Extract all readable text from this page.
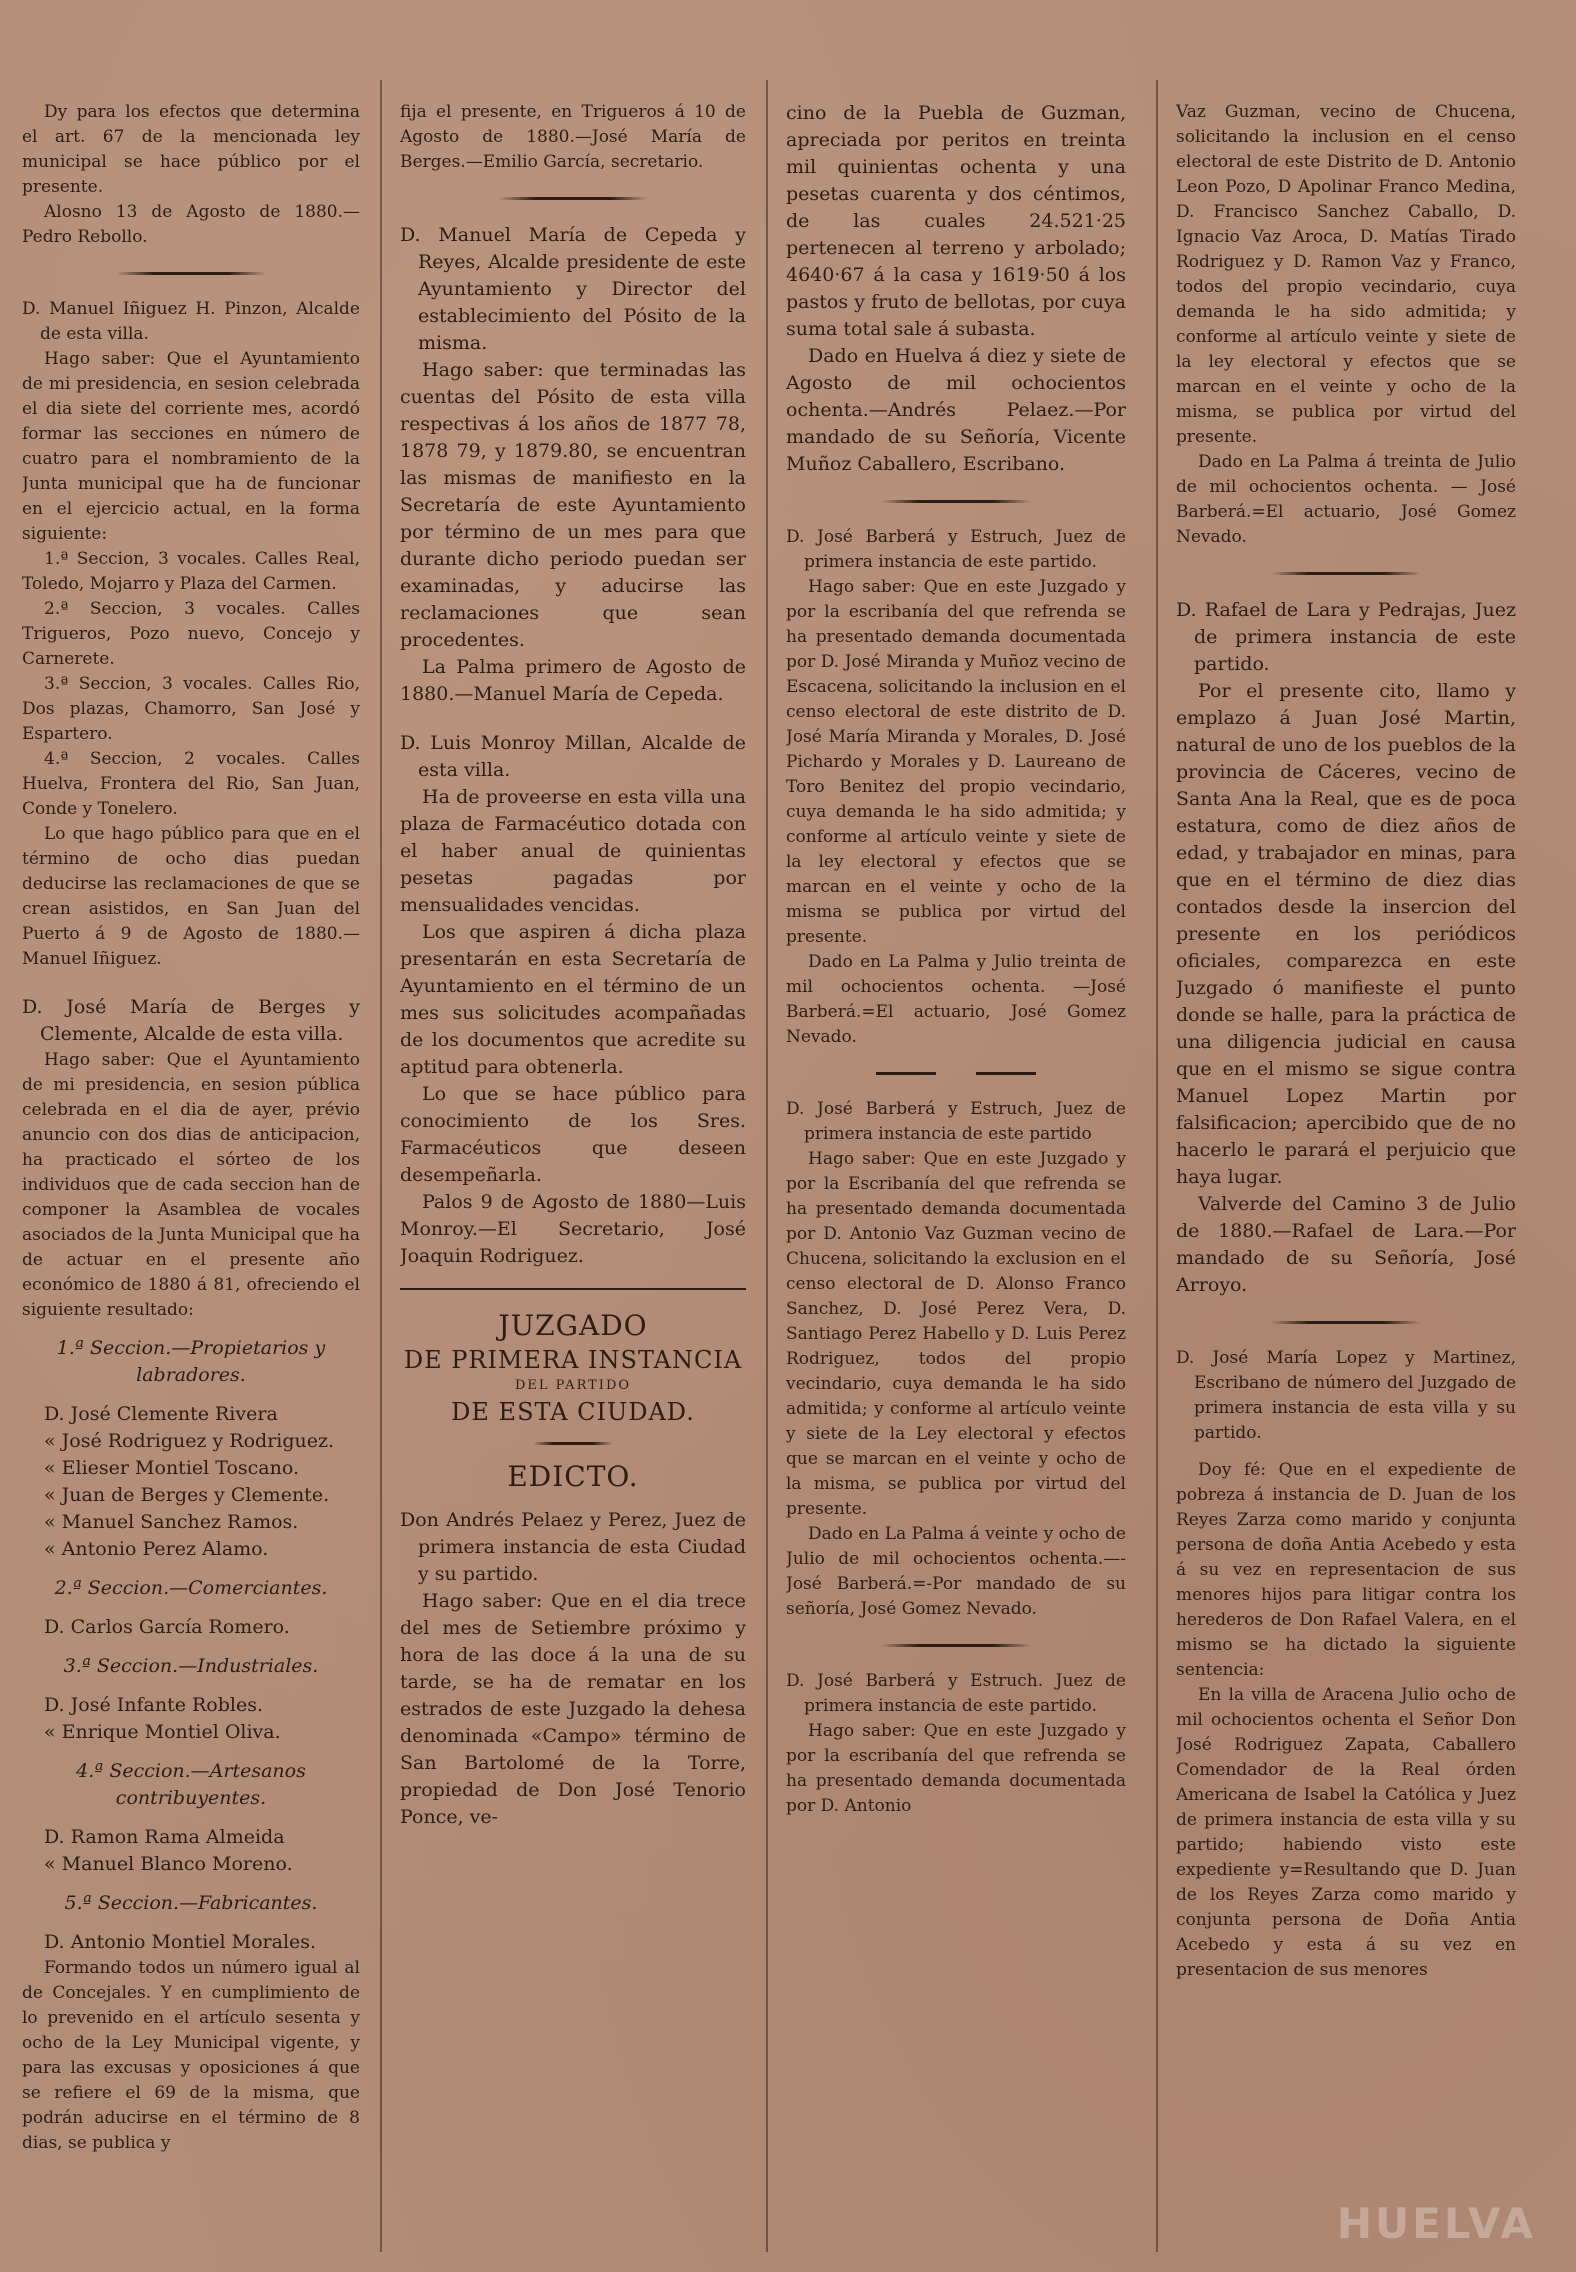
Dy para los efectos que determina el art. 67 de la mencionada ley municipal se hace público por el presente.

Alosno 13 de Agosto de 1880.—Pedro Rebollo.

D. Manuel Iñiguez H. Pinzon, Alcalde de esta villa.

Hago saber: Que el Ayuntamiento de mi presidencia, en sesion celebrada el dia siete del corriente mes, acordó formar las secciones en número de cuatro para el nombramiento de la Junta municipal que ha de funcionar en el ejercicio actual, en la forma siguiente:

1.ª Seccion, 3 vocales. Calles Real, Toledo, Mojarro y Plaza del Carmen.

2.ª Seccion, 3 vocales. Calles Trigueros, Pozo nuevo, Concejo y Carnerete.

3.ª Seccion, 3 vocales. Calles Rio, Dos plazas, Chamorro, San José y Espartero.

4.ª Seccion, 2 vocales. Calles Huelva, Frontera del Rio, San Juan, Conde y Tonelero.

Lo que hago público para que en el término de ocho dias puedan deducirse las reclamaciones de que se crean asistidos, en San Juan del Puerto á 9 de Agosto de 1880.—Manuel Iñiguez.

D. José María de Berges y Clemente, Alcalde de esta villa.

Hago saber: Que el Ayuntamiento de mi presidencia, en sesion pública celebrada en el dia de ayer, prévio anuncio con dos dias de anticipacion, ha practicado el sórteo de los individuos que de cada seccion han de componer la Asamblea de vocales asociados de la Junta Municipal que ha de actuar en el presente año económico de 1880 á 81, ofreciendo el siguiente resultado:

1.ª Seccion.—Propietarios y labradores.

D. José Clemente Rivera
« José Rodriguez y Rodriguez.
« Elieser Montiel Toscano.
« Juan de Berges y Clemente.
« Manuel Sanchez Ramos.
« Antonio Perez Alamo.

2.ª Seccion.—Comerciantes.

D. Carlos García Romero.

3.ª Seccion.—Industriales.

D. José Infante Robles.
« Enrique Montiel Oliva.

4.ª Seccion.—Artesanos contribuyentes.

D. Ramon Rama Almeida
« Manuel Blanco Moreno.

5.ª Seccion.—Fabricantes.

D. Antonio Montiel Morales.

Formando todos un número igual al de Concejales. Y en cumplimiento de lo prevenido en el artículo sesenta y ocho de la Ley Municipal vigente, y para las excusas y oposiciones á que se refiere el 69 de la misma, que podrán aducirse en el término de 8 dias, se publica y

fija el presente, en Trigueros á 10 de Agosto de 1880.—José María de Berges.—Emilio García, secretario.

D. Manuel María de Cepeda y Reyes, Alcalde presidente de este Ayuntamiento y Director del establecimiento del Pósito de la misma.

Hago saber: que terminadas las cuentas del Pósito de esta villa respectivas á los años de 1877 78, 1878 79, y 1879.80, se encuentran las mismas de manifiesto en la Secretaría de este Ayuntamiento por término de un mes para que durante dicho periodo puedan ser examinadas, y aducirse las reclamaciones que sean procedentes.

La Palma primero de Agosto de 1880.—Manuel María de Cepeda.

D. Luis Monroy Millan, Alcalde de esta villa.

Ha de proveerse en esta villa una plaza de Farmacéutico dotada con el haber anual de quinientas pesetas pagadas por mensualidades vencidas.

Los que aspiren á dicha plaza presentarán en esta Secretaría de Ayuntamiento en el término de un mes sus solicitudes acompañadas de los documentos que acredite su aptitud para obtenerla.

Lo que se hace público para conocimiento de los Sres. Farmacéuticos que deseen desempeñarla.

Palos 9 de Agosto de 1880—Luis Monroy.—El Secretario, José Joaquin Rodriguez.

JUZGADO
DE PRIMERA INSTANCIA
DEL PARTIDO
DE ESTA CIUDAD.
EDICTO.

Don Andrés Pelaez y Perez, Juez de primera instancia de esta Ciudad y su partido.

Hago saber: Que en el dia trece del mes de Setiembre próximo y hora de las doce á la una de su tarde, se ha de rematar en los estrados de este Juzgado la dehesa denominada «Campo» término de San Bartolomé de la Torre, propiedad de Don José Tenorio Ponce, ve-

cino de la Puebla de Guzman, apreciada por peritos en treinta mil quinientas ochenta y una pesetas cuarenta y dos céntimos, de las cuales 24.521·25 pertenecen al terreno y arbolado; 4640·67 á la casa y 1619·50 á los pastos y fruto de bellotas, por cuya suma total sale á subasta.

Dado en Huelva á diez y siete de Agosto de mil ochocientos ochenta.—Andrés Pelaez.—Por mandado de su Señoría, Vicente Muñoz Caballero, Escribano.

D. José Barberá y Estruch, Juez de primera instancia de este partido.

Hago saber: Que en este Juzgado y por la escribanía del que refrenda se ha presentado demanda documentada por D. José Miranda y Muñoz vecino de Escacena, solicitando la inclusion en el censo electoral de este distrito de D. José María Miranda y Morales, D. José Pichardo y Morales y D. Laureano de Toro Benitez del propio vecindario, cuya demanda le ha sido admitida; y conforme al artículo veinte y siete de la ley electoral y efectos que se marcan en el veinte y ocho de la misma se publica por virtud del presente.

Dado en La Palma y Julio treinta de mil ochocientos ochenta. —José Barberá.=El actuario, José Gomez Nevado.

D. José Barberá y Estruch, Juez de primera instancia de este partido

Hago saber: Que en este Juzgado y por la Escribanía del que refrenda se ha presentado demanda documentada por D. Antonio Vaz Guzman vecino de Chucena, solicitando la exclusion en el censo electoral de D. Alonso Franco Sanchez, D. José Perez Vera, D. Santiago Perez Habello y D. Luis Perez Rodriguez, todos del propio vecindario, cuya demanda le ha sido admitida; y conforme al artículo veinte y siete de la Ley electoral y efectos que se marcan en el veinte y ocho de la misma, se publica por virtud del presente.

Dado en La Palma á veinte y ocho de Julio de mil ochocientos ochenta.—-José Barberá.=-Por mandado de su señoría, José Gomez Nevado.

D. José Barberá y Estruch. Juez de primera instancia de este partido.

Hago saber: Que en este Juzgado y por la escribanía del que refrenda se ha presentado demanda documentada por D. Antonio

Vaz Guzman, vecino de Chucena, solicitando la inclusion en el censo electoral de este Distrito de D. Antonio Leon Pozo, D Apolinar Franco Medina, D. Francisco Sanchez Caballo, D. Ignacio Vaz Aroca, D. Matías Tirado Rodriguez y D. Ramon Vaz y Franco, todos del propio vecindario, cuya demanda le ha sido admitida; y conforme al artículo veinte y siete de la ley electoral y efectos que se marcan en el veinte y ocho de la misma, se publica por virtud del presente.

Dado en La Palma á treinta de Julio de mil ochocientos ochenta. — José Barberá.=El actuario, José Gomez Nevado.

D. Rafael de Lara y Pedrajas, Juez de primera instancia de este partido.

Por el presente cito, llamo y emplazo á Juan José Martin, natural de uno de los pueblos de la provincia de Cáceres, vecino de Santa Ana la Real, que es de poca estatura, como de diez años de edad, y trabajador en minas, para que en el término de diez dias contados desde la insercion del presente en los periódicos oficiales, comparezca en este Juzgado ó manifieste el punto donde se halle, para la práctica de una diligencia judicial en causa que en el mismo se sigue contra Manuel Lopez Martin por falsificacion; apercibido que de no hacerlo le parará el perjuicio que haya lugar.

Valverde del Camino 3 de Julio de 1880.—Rafael de Lara.—Por mandado de su Señoría, José Arroyo.

D. José María Lopez y Martinez, Escribano de número del Juzgado de primera instancia de esta villa y su partido.

Doy fé: Que en el expediente de pobreza á instancia de D. Juan de los Reyes Zarza como marido y conjunta persona de doña Antia Acebedo y esta á su vez en representacion de sus menores hijos para litigar contra los herederos de Don Rafael Valera, en el mismo se ha dictado la siguiente sentencia:

En la villa de Aracena Julio ocho de mil ochocientos ochenta el Señor Don José Rodriguez Zapata, Caballero Comendador de la Real órden Americana de Isabel la Católica y Juez de primera instancia de esta villa y su partido; habiendo visto este expediente y=Resultando que D. Juan de los Reyes Zarza como marido y conjunta persona de Doña Antia Acebedo y esta á su vez en presentacion de sus menores

HUELVA
